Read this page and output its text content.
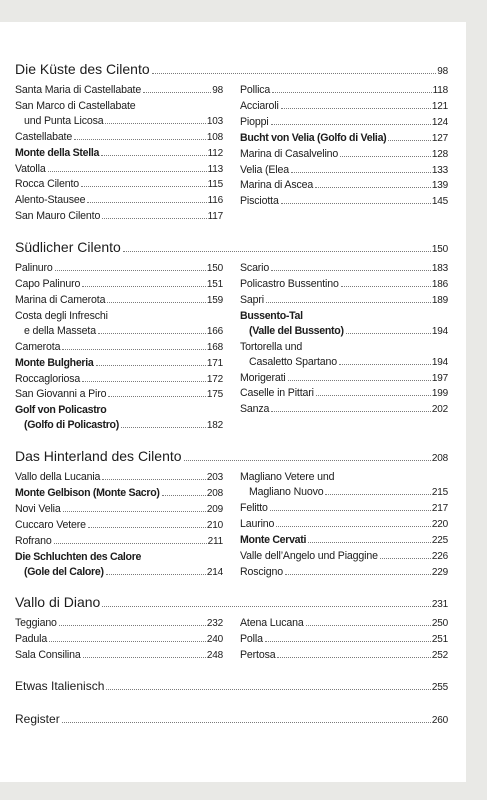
Die Küste des Cilento	98
Santa Maria di Castellabate	98
San Marco di Castellabate
und Punta Licosa	103
Castellabate	108
Monte della Stella	112
Vatolla	113
Rocca Cilento	115
Alento-Stausee	116
San Mauro Cilento	117
Pollica	118
Acciaroli	121
Pioppi	124
Bucht von Velia (Golfo di Velia)	127
Marina di Casalvelino	128
Velia (Elea	133
Marina di Ascea	139
Pisciotta	145
Südlicher Cilento	150
Palinuro	150
Capo Palinuro	151
Marina di Camerota	159
Costa degli Infreschi
e della Masseta	166
Camerota	168
Monte Bulgheria	171
Roccagloriosa	172
San Giovanni a Piro	175
Golf von Policastro
(Golfo di Policastro)	182
Scario	183
Policastro Bussentino	186
Sapri	189
Bussento-Tal
(Valle del Bussento)	194
Tortorella und
Casaletto Spartano	194
Morigerati	197
Caselle in Pittari	199
Sanza	202
Das Hinterland des Cilento	208
Vallo della Lucania	203
Monte Gelbison (Monte Sacro)	208
Novi Velia	209
Cuccaro Vetere	210
Rofrano	211
Die Schluchten des Calore
(Gole del Calore)	214
Magliano Vetere und
Magliano Nuovo	215
Felitto	217
Laurino	220
Monte Cervati	225
Valle dell’Angelo und Piaggine	226
Roscigno	229
Vallo di Diano	231
Teggiano	232
Padula	240
Sala Consilina	248
Atena Lucana	250
Polla	251
Pertosa	252
Etwas Italienisch	255
Register	260
